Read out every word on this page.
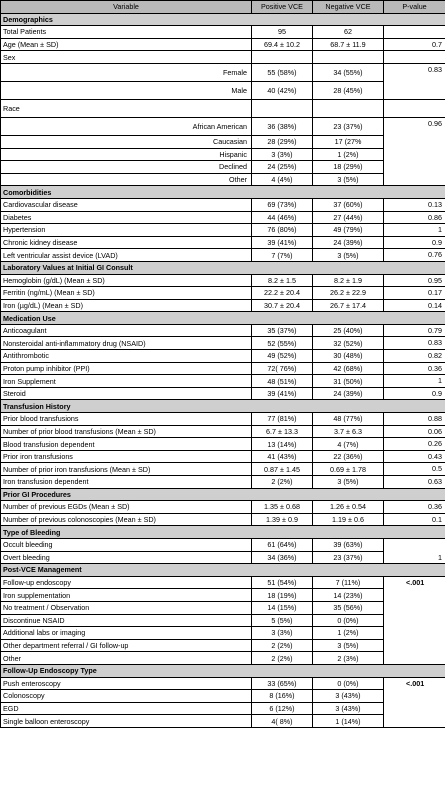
Variable	Positive VCE	Negative VCE	P-value
Demographics			
Total Patients	95	62	
Age (Mean ± SD)	69.4 ± 10.2	68.7 ± 11.9	0.7
Sex			
Female	55 (58%)	34 (55%)	0.83
Male	40 (42%)	28 (45%)	
Race			
African American	36 (38%)	23 (37%)	0.96
Caucasian	28 (29%)	17 (27%	
Hispanic	3 (3%)	1 (2%)	
Declined	24 (25%)	18 (29%)	
Other	4 (4%)	3 (5%)	
Comorbidities			
Cardiovascular disease	69 (73%)	37 (60%)	0.13
Diabetes	44 (46%)	27 (44%)	0.86
Hypertension	76 (80%)	49 (79%)	1
Chronic kidney disease	39 (41%)	24 (39%)	0.9
Left ventricular assist device (LVAD)	7 (7%)	3 (5%)	0.76
Laboratory Values at Initial GI Consult			
Hemoglobin (g/dL) (Mean ± SD)	8.2 ± 1.5	8.2 ± 1.9	0.95
Ferritin (ng/mL) (Mean ± SD)	22.2 ± 20.4	26.2 ± 22.9	0.17
Iron (µg/dL) (Mean ± SD)	30.7 ± 20.4	26.7 ± 17.4	0.14
Medication Use			
Anticoagulant	35 (37%)	25 (40%)	0.79
Nonsteroidal anti-inflammatory drug (NSAID)	52 (55%)	32 (52%)	0.83
Antithrombotic	49 (52%)	30 (48%)	0.82
Proton pump inhibitor (PPI)	72( 76%)	42 (68%)	0.36
Iron Supplement	48 (51%)	31 (50%)	1
Steroid	39 (41%)	24 (39%)	0.9
Transfusion History			
Prior blood transfusions	77 (81%)	48 (77%)	0.88
Number of prior blood transfusions (Mean ± SD)	6.7 ± 13.3	3.7 ± 6.3	0.06
Blood transfusion dependent	13 (14%)	4 (7%)	0.26
Prior iron transfusions	41 (43%)	22 (36%)	0.43
Number of prior iron transfusions (Mean ± SD)	0.87 ± 1.45	0.69 ± 1.78	0.5
Iron transfusion dependent	2 (2%)	3 (5%)	0.63
Prior GI Procedures			
Number of previous EGDs (Mean ± SD)	1.35 ± 0.68	1.26 ± 0.54	0.36
Number of previous colonoscopies (Mean ± SD)	1.39 ± 0.9	1.19 ± 0.6	0.1
Type of Bleeding			
Occult bleeding	61 (64%)	39 (63%)	1
Overt bleeding	34 (36%)	23 (37%)	
Post-VCE Management			
Follow-up endoscopy	51 (54%)	7 (11%)	<.001
Iron supplementation	18 (19%)	14 (23%)	
No treatment / Observation	14 (15%)	35 (56%)	
Discontinue NSAID	5 (5%)	0 (0%)	
Additional labs or imaging	3 (3%)	1 (2%)	
Other department referral / GI follow-up	2 (2%)	3 (5%)	
Other	2 (2%)	2 (3%)	
Follow-Up Endoscopy Type			
Push enteroscopy	33 (65%)	0 (0%)	<.001
Colonoscopy	8 (16%)	3 (43%)	
EGD	6 (12%)	3 (43%)	
Single balloon enteroscopy	4( 8%)	1 (14%)	
